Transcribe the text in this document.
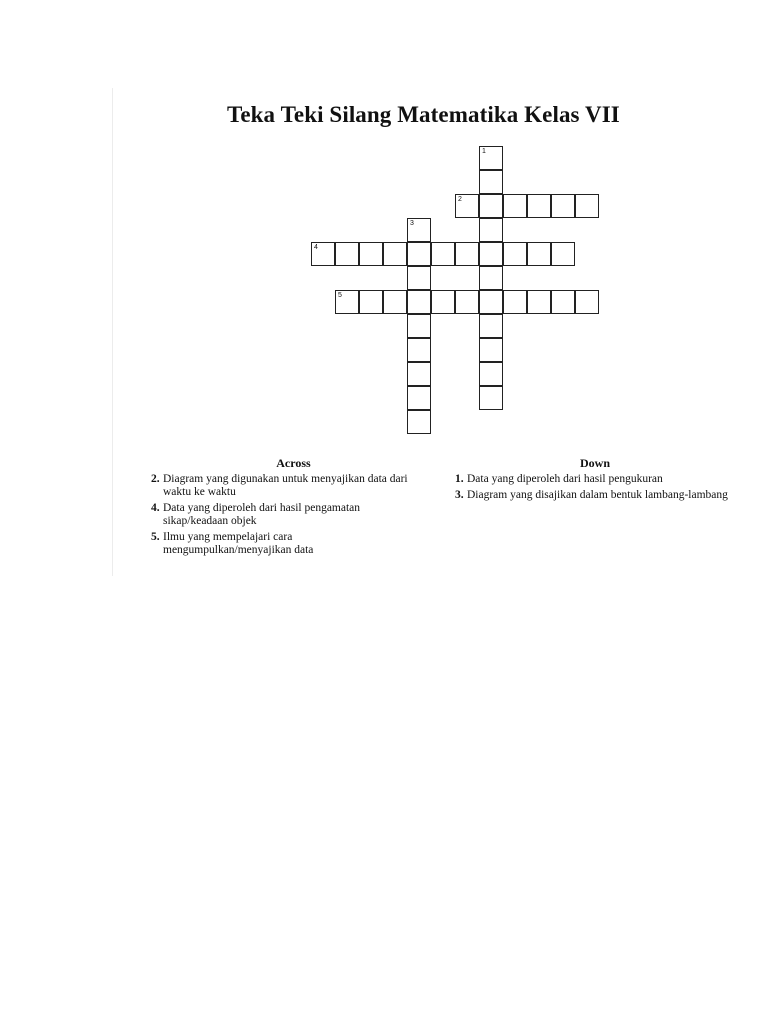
Teka Teki Silang Matematika Kelas VII
4
5
2
1
3
Across
2. Diagram yang digunakan untuk menyajikan data dari waktu ke waktu
4. Data yang diperoleh dari hasil pengamatan sikap/keadaan objek
5. Ilmu yang mempelajari cara mengumpulkan/menyajikan data
Down
1. Data yang diperoleh dari hasil pengukuran
3. Diagram yang disajikan dalam bentuk lambang-lambang
